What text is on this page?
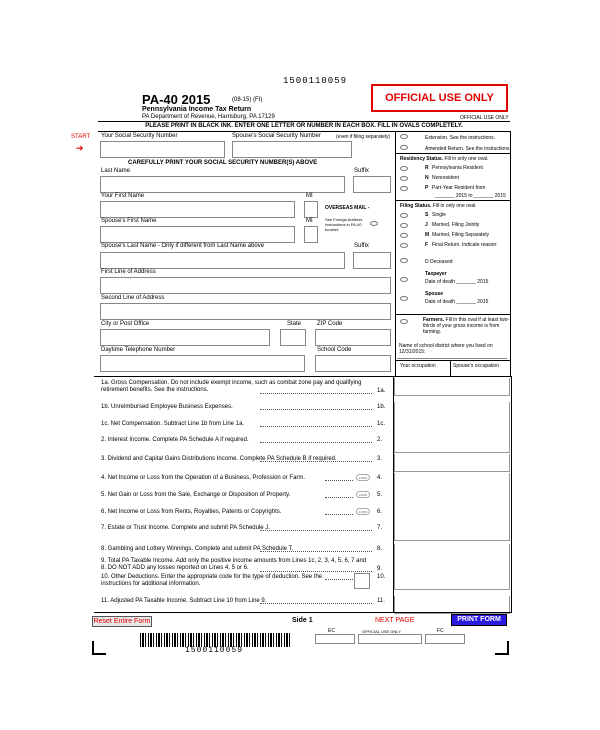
1500110059
PA-40 2015	(08-15) (FI)
Pennsylvania Income Tax Return
PA Department of Revenue, Harrisburg, PA 17129
OFFICIAL USE ONLY
OFFICIAL USE ONLY
PLEASE PRINT IN BLACK INK. ENTER ONE LETTER OR NUMBER IN EACH BOX. FILL IN OVALS COMPLETELY.
START
➔
Your Social Security Number	Spouse's Social Security Number	(even if filing separately)
CAREFULLY PRINT YOUR SOCIAL SECURITY NUMBER(S) ABOVE
Last Name	Suffix
Your First Name	MI
OVERSEAS MAIL -
See Foreign Address Instructions in PA-40 booklet.
Spouse's First Name	MI
Spouse's Last Name - Only if different from Last Name above	Suffix
First Line of Address
Second Line of Address
City or Post Office	State	ZIP Code
Daytime Telephone Number	School Code
Extension. See the instructions.
Amended Return. See the instructions.
Residency Status. Fill in only one oval.
R Pennsylvania Resident
N Nonresident
P Part-Year Resident from
_______ 2015 to _______ 2015
Filing Status. Fill in only one oval.
S Single
J Married, Filing Jointly
M Married, Filing Separately
F Final Return. Indicate reason:
D Deceased
Taxpayer
Date of death _______ 2015
Spouse
Date of death _______ 2015
Farmers. Fill in this oval if at least two-thirds of your gross income is from farming.
Name of school district where you lived on 12/31/2015:
Your occupation	Spouse's occupation
1a. Gross Compensation. Do not include exempt income, such as combat zone pay and qualifying retirement benefits. See the instructions.	1a.
1b. Unreimbursed Employee Business Expenses.	1b.
1c. Net Compensation. Subtract Line 1b from Line 1a.	1c.
2. Interest Income. Complete PA Schedule A if required.	2.
3. Dividend and Capital Gains Distributions Income. Complete PA Schedule B if required.	3.
4. Net Income or Loss from the Operation of a Business, Profession or Farm.	4.
LOSS
5. Net Gain or Loss from the Sale, Exchange or Disposition of Property.	5.
LOSS
6. Net Income or Loss from Rents, Royalties, Patents or Copyrights.	6.
LOSS
7. Estate or Trust Income. Complete and submit PA Schedule J.	7.
8. Gambling and Lottery Winnings. Complete and submit PA Schedule T.	8.
9. Total PA Taxable Income. Add only the positive income amounts from Lines 1c, 2, 3, 4, 5, 6, 7 and 8. DO NOT ADD any losses reported on Lines 4, 5 or 6.	9.
10. Other Deductions. Enter the appropriate code for the type of deduction. See the instructions for additional information.
10.
11. Adjusted PA Taxable Income. Subtract Line 10 from Line 9.	11.
Reset Entire Form	Side 1	NEXT PAGE	PRINT FORM
EC	OFFICIAL USE ONLY	FC
1500110059
